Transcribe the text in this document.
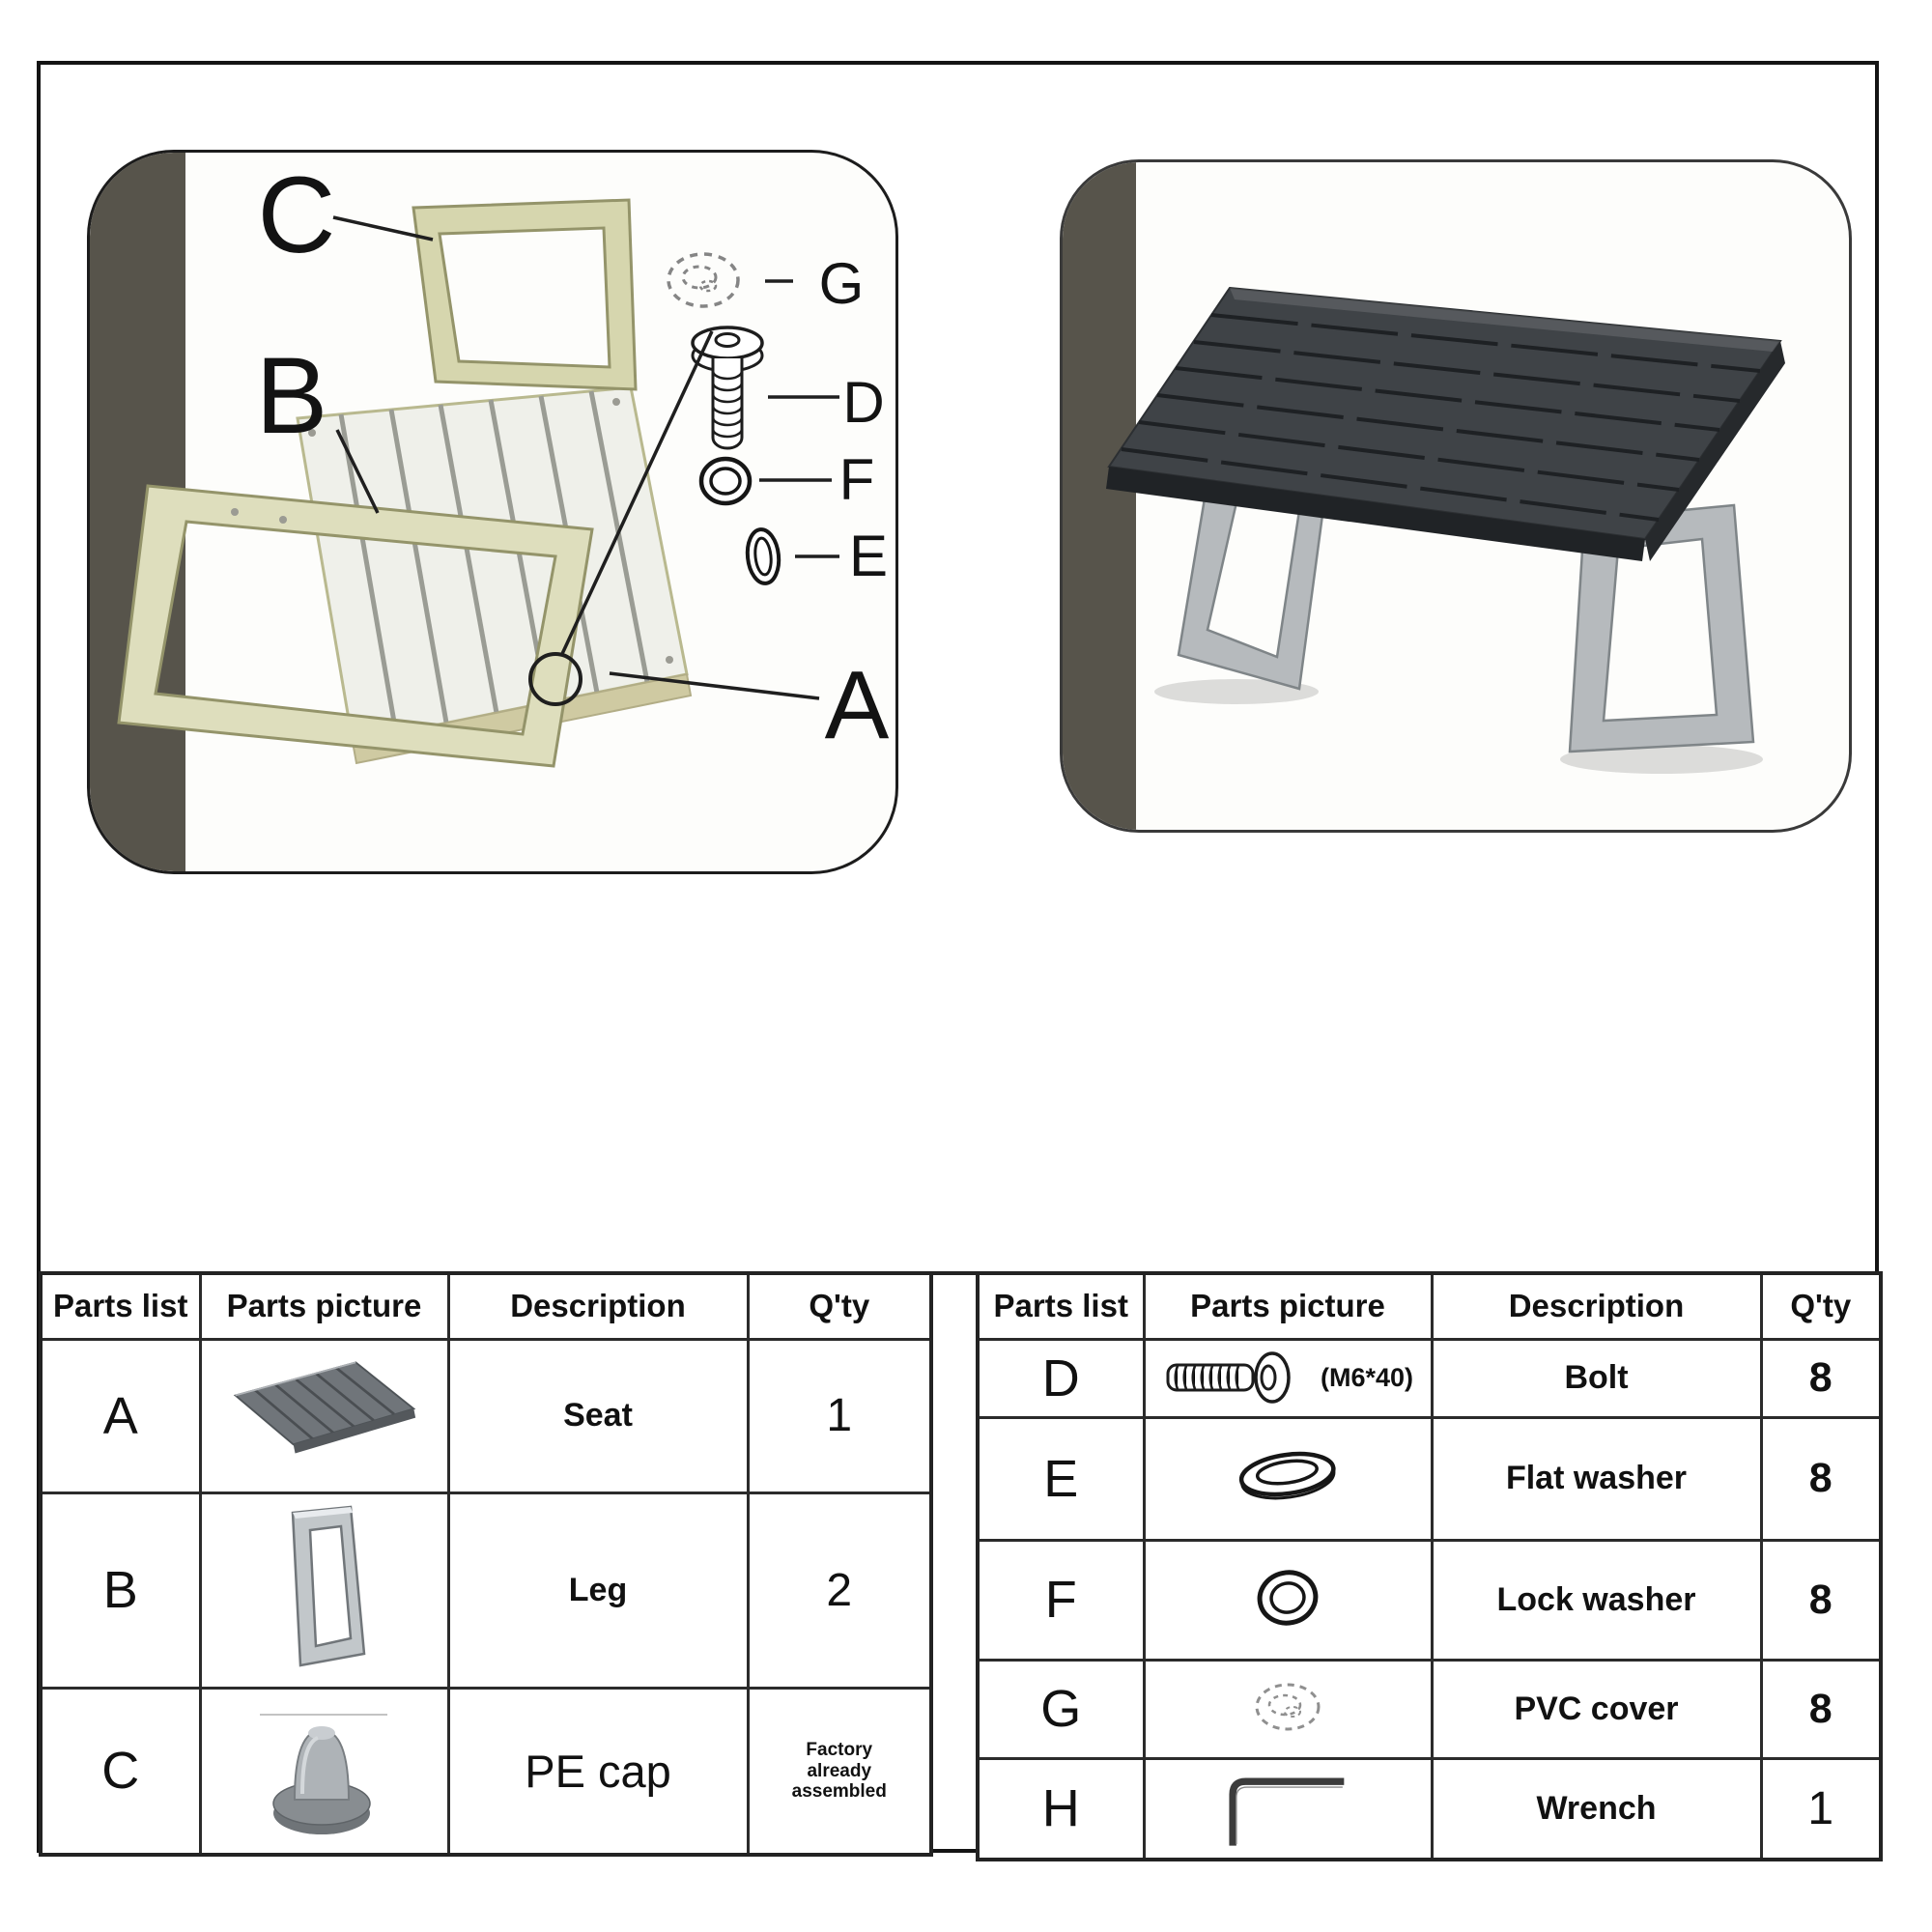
C
B
A
G
D
F
E
Parts list	Parts picture	Description	Q'ty
A		Seat	1
B		Leg	2
C		PE cap	Factory
already
assembled
Parts list	Parts picture	Description	Q'ty
D	(M6*40)	Bolt	8
E		Flat washer	8
F		Lock washer	8
G		PVC cover	8
H		Wrench	1
